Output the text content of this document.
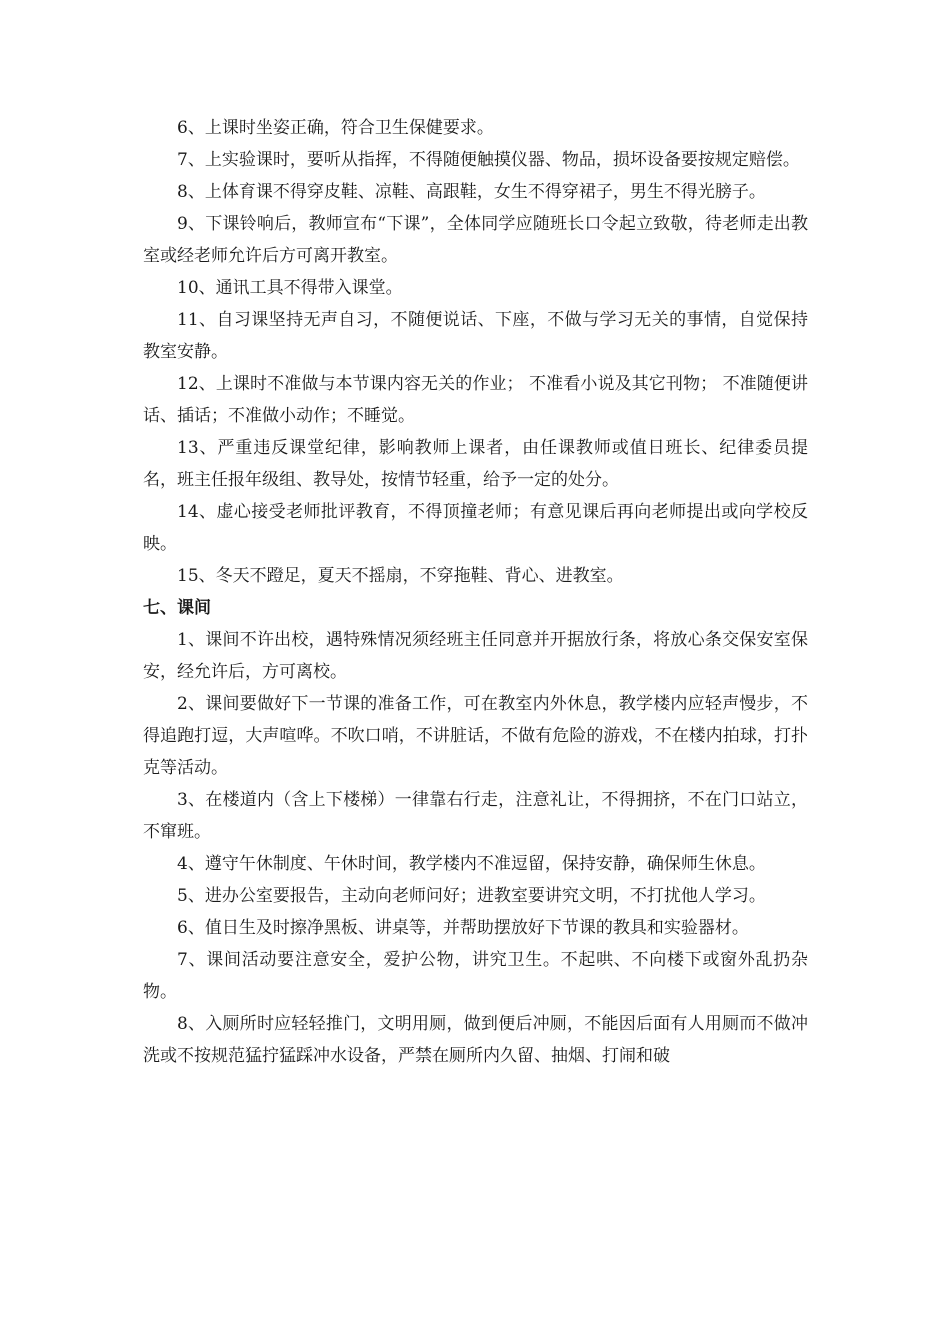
6、上课时坐姿正确，符合卫生保健要求。

7、上实验课时，要听从指挥，不得随便触摸仪器、物品，损坏设备要按规定赔偿。

8、上体育课不得穿皮鞋、凉鞋、高跟鞋，女生不得穿裙子，男生不得光膀子。

9、下课铃响后，教师宣布“下课”，全体同学应随班长口令起立致敬，待老师走出教室或经老师允许后方可离开教室。

10、通讯工具不得带入课堂。

11、自习课坚持无声自习，不随便说话、下座，不做与学习无关的事情，自觉保持教室安静。

12、上课时不准做与本节课内容无关的作业； 不准看小说及其它刊物； 不准随便讲话、插话；不准做小动作；不睡觉。

13、严重违反课堂纪律，影响教师上课者，由任课教师或值日班长、纪律委员提名，班主任报年级组、教导处，按情节轻重，给予一定的处分。

14、虚心接受老师批评教育，不得顶撞老师；有意见课后再向老师提出或向学校反映。

15、冬天不蹬足，夏天不摇扇，不穿拖鞋、背心、进教室。

七、课间

1、课间不许出校，遇特殊情况须经班主任同意并开据放行条，将放心条交保安室保安，经允许后，方可离校。

2、课间要做好下一节课的准备工作，可在教室内外休息，教学楼内应轻声慢步，不得追跑打逗，大声喧哗。不吹口哨，不讲脏话，不做有危险的游戏，不在楼内拍球，打扑克等活动。

3、在楼道内（含上下楼梯）一律靠右行走，注意礼让，不得拥挤，不在门口站立，不窜班。

4、遵守午休制度、午休时间，教学楼内不准逗留，保持安静，确保师生休息。

5、进办公室要报告，主动向老师问好；进教室要讲究文明，不打扰他人学习。

6、值日生及时擦净黑板、讲桌等，并帮助摆放好下节课的教具和实验器材。

7、课间活动要注意安全，爱护公物，讲究卫生。不起哄、不向楼下或窗外乱扔杂物。

8、入厕所时应轻轻推门，文明用厕，做到便后冲厕，不能因后面有人用厕而不做冲洗或不按规范猛拧猛踩冲水设备，严禁在厕所内久留、抽烟、打闹和破
